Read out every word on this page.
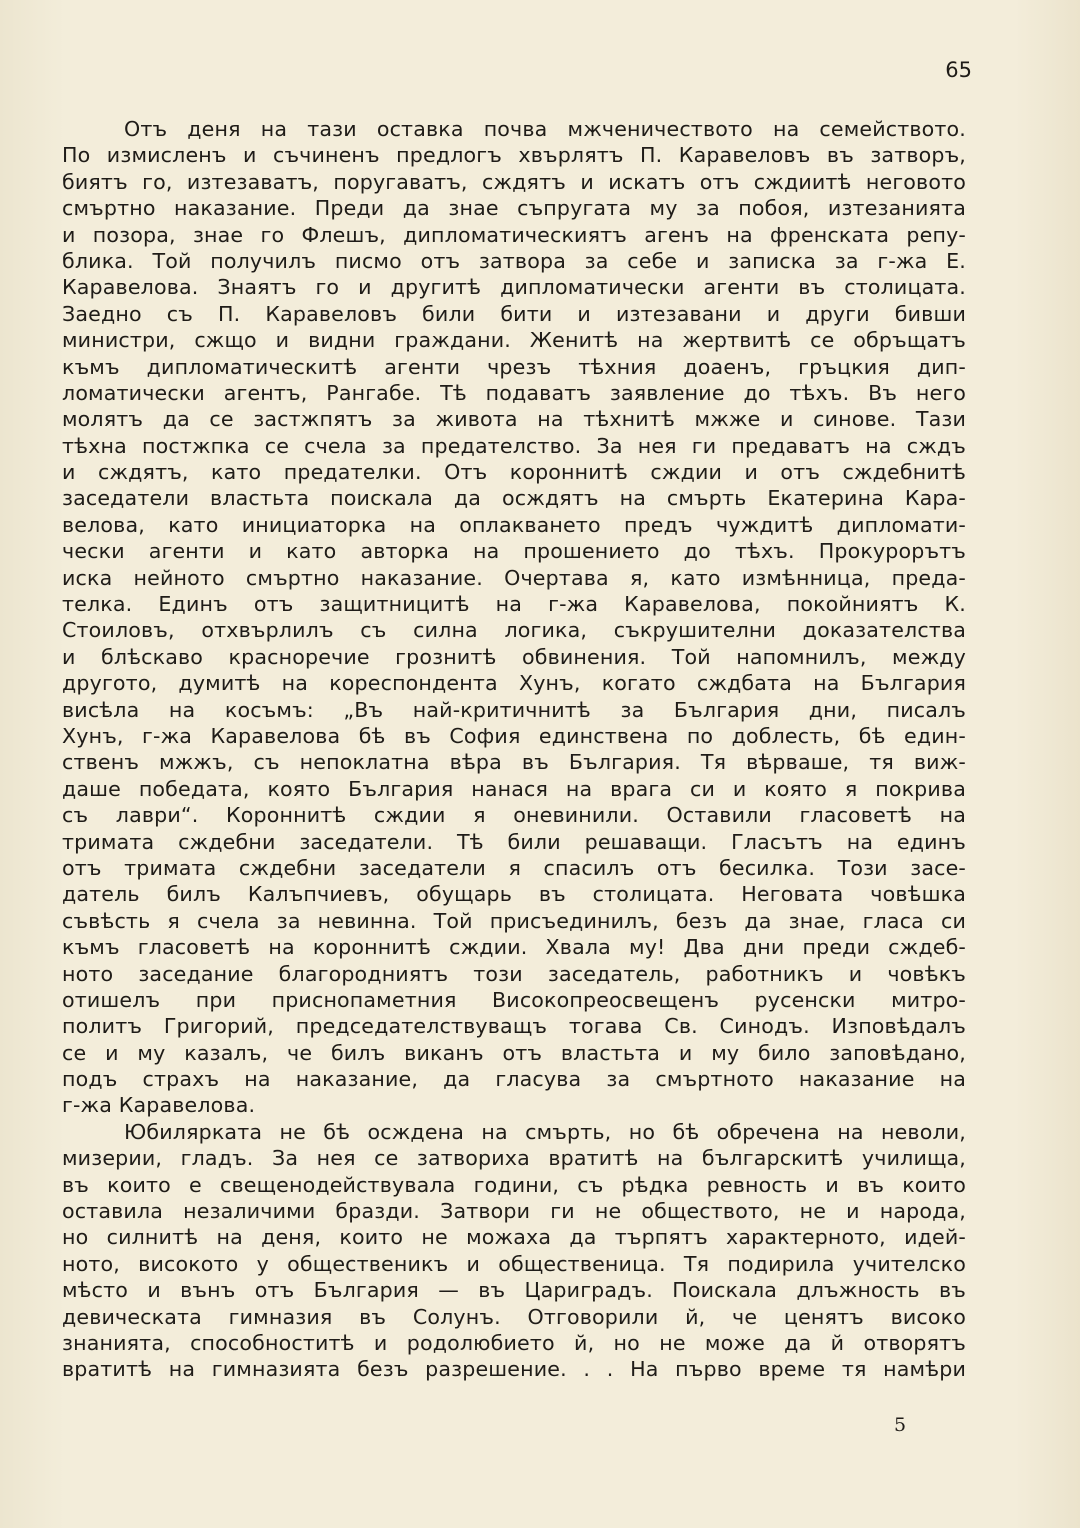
65
Отъ деня на тази оставка почва мжченичеството на семейството.
По измисленъ и съчиненъ предлогъ хвърлятъ П. Каравеловъ въ затворъ,
биятъ го, изтезаватъ, поругаватъ, сждятъ и искатъ отъ сждиитѣ неговото
смъртно наказание. Преди да знае съпругата му за побоя, изтезанията
и позора, знае го Флешъ, дипломатическиятъ агенъ на френската репу-
блика. Той получилъ писмо отъ затвора за себе и записка за г-жа Е.
Каравелова. Знаятъ го и другитѣ дипломатически агенти въ столицата.
Заедно съ П. Каравеловъ били бити и изтезавани и други бивши
министри, сжщо и видни граждани. Женитѣ на жертвитѣ се обръщатъ
къмъ дипломатическитѣ агенти чрезъ тѣхния доаенъ, гръцкия дип-
ломатически агентъ, Рангабе. Тѣ подаватъ заявление до тѣхъ. Въ него
молятъ да се застжпятъ за живота на тѣхнитѣ мжже и синове. Тази
тѣхна постжпка се счела за предателство. За нея ги предаватъ на сждъ
и сждятъ, като предателки. Отъ короннитѣ сждии и отъ сждебнитѣ
заседатели властьта поискала да осждятъ на смърть Екатерина Кара-
велова, като инициаторка на оплакването предъ чуждитѣ дипломати-
чески агенти и като авторка на прошението до тѣхъ. Прокурорътъ
иска нейното смъртно наказание. Очертава я, като измѣнница, преда-
телка. Единъ отъ защитницитѣ на г-жа Каравелова, покойниятъ К.
Стоиловъ, отхвърлилъ съ силна логика, съкрушителни доказателства
и блѣскаво красноречие грознитѣ обвинения. Той напомнилъ, между
другото, думитѣ на кореспондента Хунъ, когато сждбата на България
висѣла на косъмъ: „Въ най-критичнитѣ за България дни, писалъ
Хунъ, г-жа Каравелова бѣ въ София единствена по доблесть, бѣ един-
ственъ мжжъ, съ непоклатна вѣра въ България. Тя вѣрваше, тя виж-
даше победата, която България нанася на врага си и която я покрива
съ лаври“. Короннитѣ сждии я оневинили. Оставили гласоветѣ на
тримата сждебни заседатели. Тѣ били решаващи. Гласътъ на единъ
отъ тримата сждебни заседатели я спасилъ отъ бесилка. Този засе-
датель билъ Калъпчиевъ, обущарь въ столицата. Неговата човѣшка
съвѣсть я счела за невинна. Той присъединилъ, безъ да знае, гласа си
къмъ гласоветѣ на короннитѣ сждии. Хвала му! Два дни преди сждеб-
ното заседание благородниятъ този заседатель, работникъ и човѣкъ
отишелъ при приснопаметния Високопреосвещенъ русенски митро-
политъ Григорий, председателствуващъ тогава Св. Синодъ. Изповѣдалъ
се и му казалъ, че билъ виканъ отъ властьта и му било заповѣдано,
подъ страхъ на наказание, да гласува за смъртното наказание на
г-жа Каравелова.
Юбилярката не бѣ осждена на смърть, но бѣ обречена на неволи,
мизерии, гладъ. За нея се затвориха вратитѣ на българскитѣ училища,
въ които е свещенодействувала години, съ рѣдка ревность и въ които
оставила незаличими бразди. Затвори ги не обществото, не и народа,
но силнитѣ на деня, които не можаха да търпятъ характерното, идей-
ното, високото у общественикъ и общественица. Тя подирила учителско
мѣсто и вънъ отъ България — въ Цариградъ. Поискала длъжность въ
девическата гимназия въ Солунъ. Отговорили й, че ценятъ високо
знанията, способноститѣ и родолюбието й, но не може да й отворятъ
вратитѣ на гимназията безъ разрешение. . . На първо време тя намѣри
5
